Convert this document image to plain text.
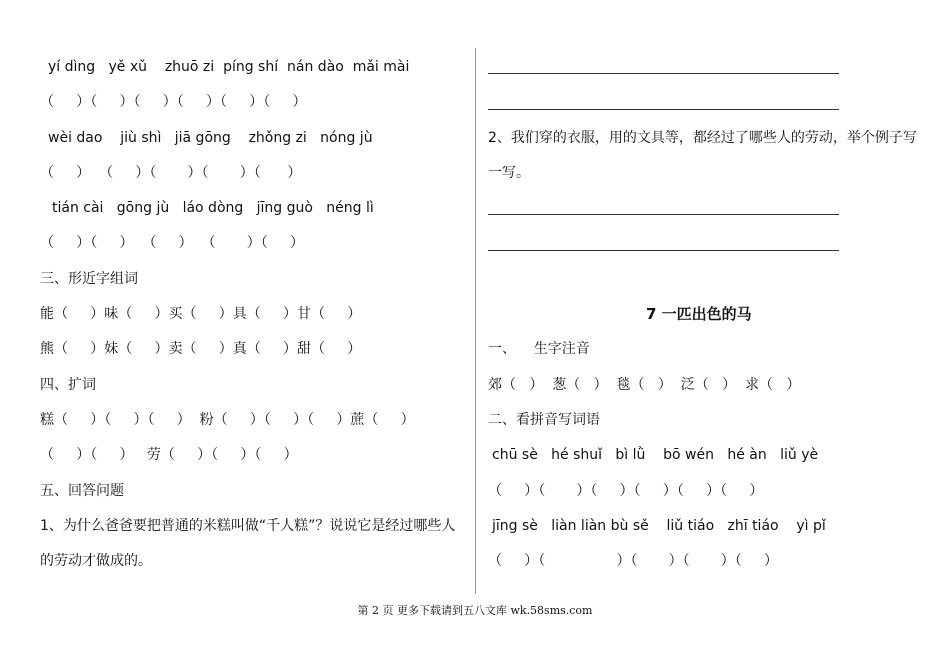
yí dìng   yě xǔ    zhuō zi  píng shí  nán dào  mǎi mài

（     ）（     ）（     ）（     ）（     ）（     ）

wèi dao    jiù shì   jiā gōng    zhǒng zi   nóng jù

（     ）  （     ）（       ）（       ）（      ）

tián cài   gōng jù   láo dòng   jīng guò   néng lì

（     ）（     ）  （     ）  （       ）（     ）

三、形近字组词

能（     ）味（     ）买（     ）具（     ）甘（     ）

熊（     ）妹（     ）卖（     ）真（     ）甜（     ）

四、扩词

糕（     ）（     ）（     ）  粉（     ）（     ）（     ）蔗（     ）

（     ）（     ）   劳（     ）（     ）（     ）

五、回答问题

1、为什么爸爸要把普通的米糕叫做“千人糕”？说说它是经过哪些人

的劳动才做成的。

2、我们穿的衣服，用的文具等，都经过了哪些人的劳动，举个例子写

一写。

7 一匹出色的马

一、    生字注音

郊（   ）  葱（   ）  毯（   ）  泛（   ）  求（   ）

二、看拼音写词语

chū sè   hé shuǐ   bì lǜ    bō wén   hé àn   liǔ yè

（     ）（       ）（     ）（     ）（     ）（     ）

jīng sè   liàn liàn bù sě    liǔ tiáo   zhī tiáo    yì pǐ

（     ）（                ）（       ）（       ）（     ）

第 2 页 更多下载请到五八文库 wk.58sms.com
